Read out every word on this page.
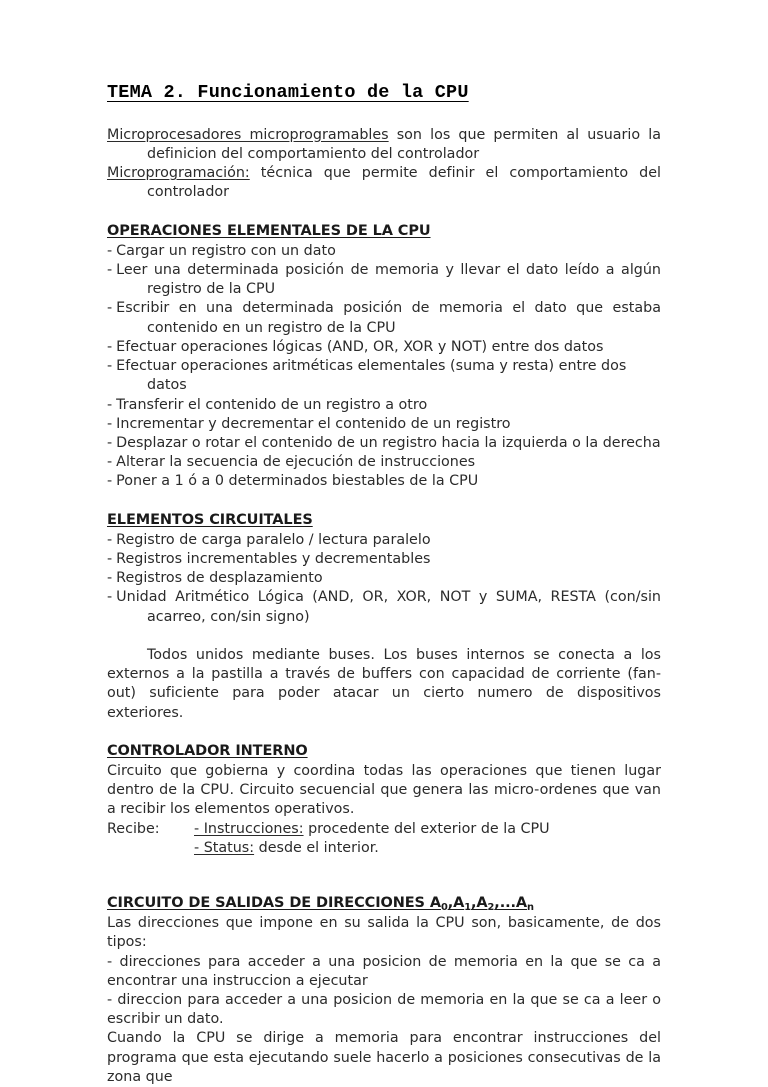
TEMA 2. Funcionamiento de la CPU

Microprocesadores microprogramables son los que permiten al usuario la definicion del comportamiento del controlador

Microprogramación: técnica que permite definir el comportamiento del controlador

OPERACIONES ELEMENTALES DE LA CPU

- Cargar un registro con un dato

- Leer una determinada posición de memoria y llevar el dato leído a algún registro de la CPU

- Escribir en una determinada posición de memoria el dato que estaba contenido en un registro de la CPU

- Efectuar operaciones lógicas (AND, OR, XOR y NOT) entre dos datos

- Efectuar operaciones aritméticas elementales (suma y resta) entre dos datos

- Transferir el contenido de un registro a otro

- Incrementar y decrementar el contenido de un registro

- Desplazar o rotar el contenido de un registro hacia la izquierda o la derecha

- Alterar la secuencia de ejecución de instrucciones

- Poner a 1 ó a 0 determinados biestables de la CPU

ELEMENTOS CIRCUITALES

- Registro de carga paralelo / lectura paralelo

- Registros incrementables y decrementables

- Registros de desplazamiento

- Unidad Aritmético Lógica (AND, OR, XOR, NOT y SUMA, RESTA (con/sin acarreo, con/sin signo)

Todos unidos mediante buses. Los buses internos se conecta a los externos a la pastilla a través de buffers con capacidad de corriente (fan-out) suficiente para poder atacar un cierto numero de dispositivos exteriores.

CONTROLADOR INTERNO

Circuito que gobierna y coordina todas las operaciones que tienen lugar dentro de la CPU. Circuito secuencial que genera las micro-ordenes que van a recibir los elementos operativos.

Recibe:	- Instrucciones: procedente del exterior de la CPU
- Status: desde el interior.
CIRCUITO DE SALIDAS DE DIRECCIONES $A_0,A_1,A_2,...A_n$

Las direcciones que impone en su salida la CPU son, basicamente, de dos tipos:

- direcciones para acceder a una posicion de memoria en la que se ca a encontrar una instruccion a ejecutar

- direccion para acceder a una posicion de memoria en la que se ca a leer o escribir un dato.

Cuando la CPU se dirige a memoria para encontrar instrucciones del programa que esta ejecutando suele hacerlo a posiciones consecutivas de la zona que
